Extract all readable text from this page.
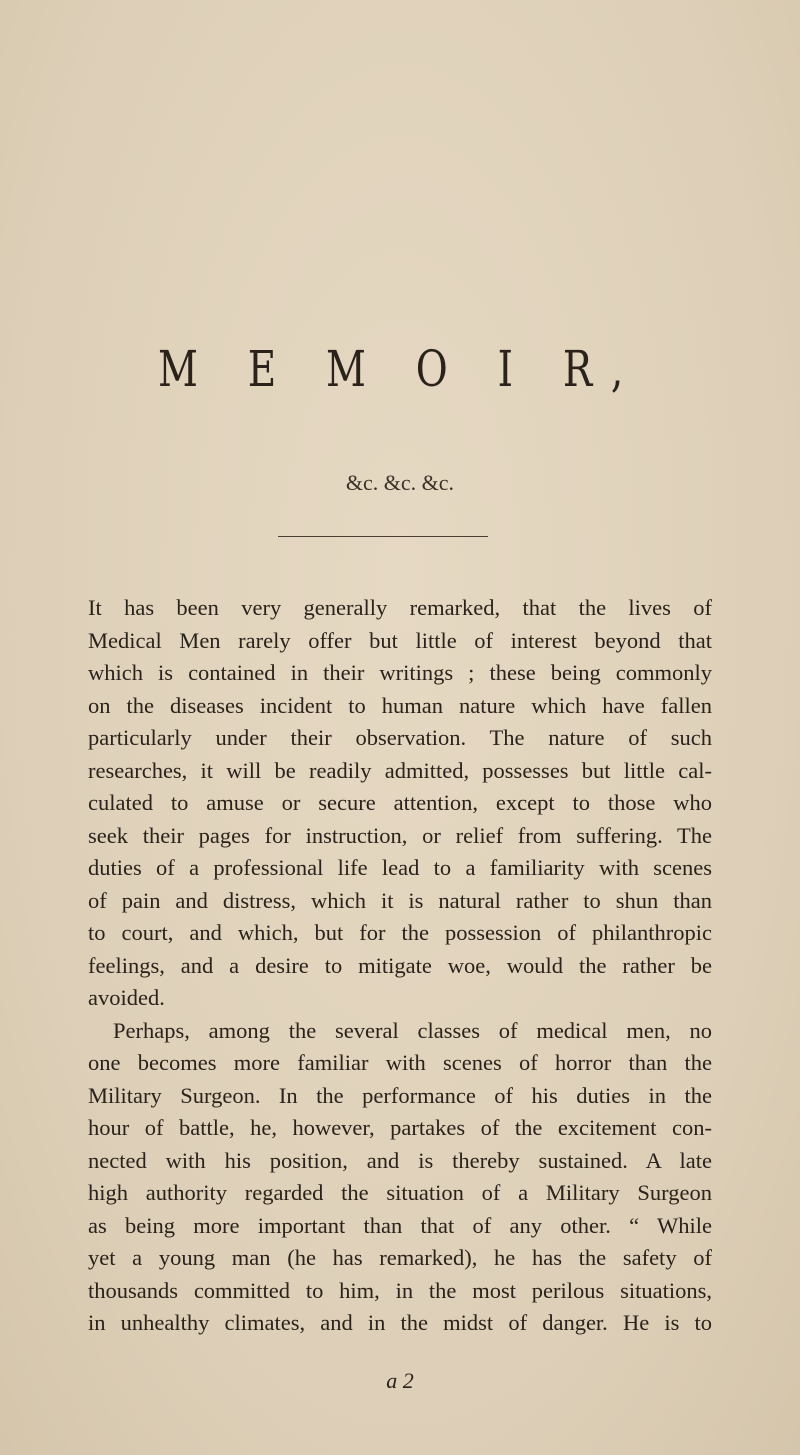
M E M O I R,
&c. &c. &c.
It has been very generally remarked, that the lives of
Medical Men rarely offer but little of interest beyond that
which is contained in their writings ; these being commonly
on the diseases incident to human nature which have fallen
particularly under their observation. The nature of such
researches, it will be readily admitted, possesses but little cal-
culated to amuse or secure attention, except to those who
seek their pages for instruction, or relief from suffering. The
duties of a professional life lead to a familiarity with scenes
of pain and distress, which it is natural rather to shun than
to court, and which, but for the possession of philanthropic
feelings, and a desire to mitigate woe, would the rather be
avoided.
Perhaps, among the several classes of medical men, no
one becomes more familiar with scenes of horror than the
Military Surgeon. In the performance of his duties in the
hour of battle, he, however, partakes of the excitement con-
nected with his position, and is thereby sustained. A late
high authority regarded the situation of a Military Surgeon
as being more important than that of any other. “ While
yet a young man (he has remarked), he has the safety of
thousands committed to him, in the most perilous situations,
in unhealthy climates, and in the midst of danger. He is to
a 2
